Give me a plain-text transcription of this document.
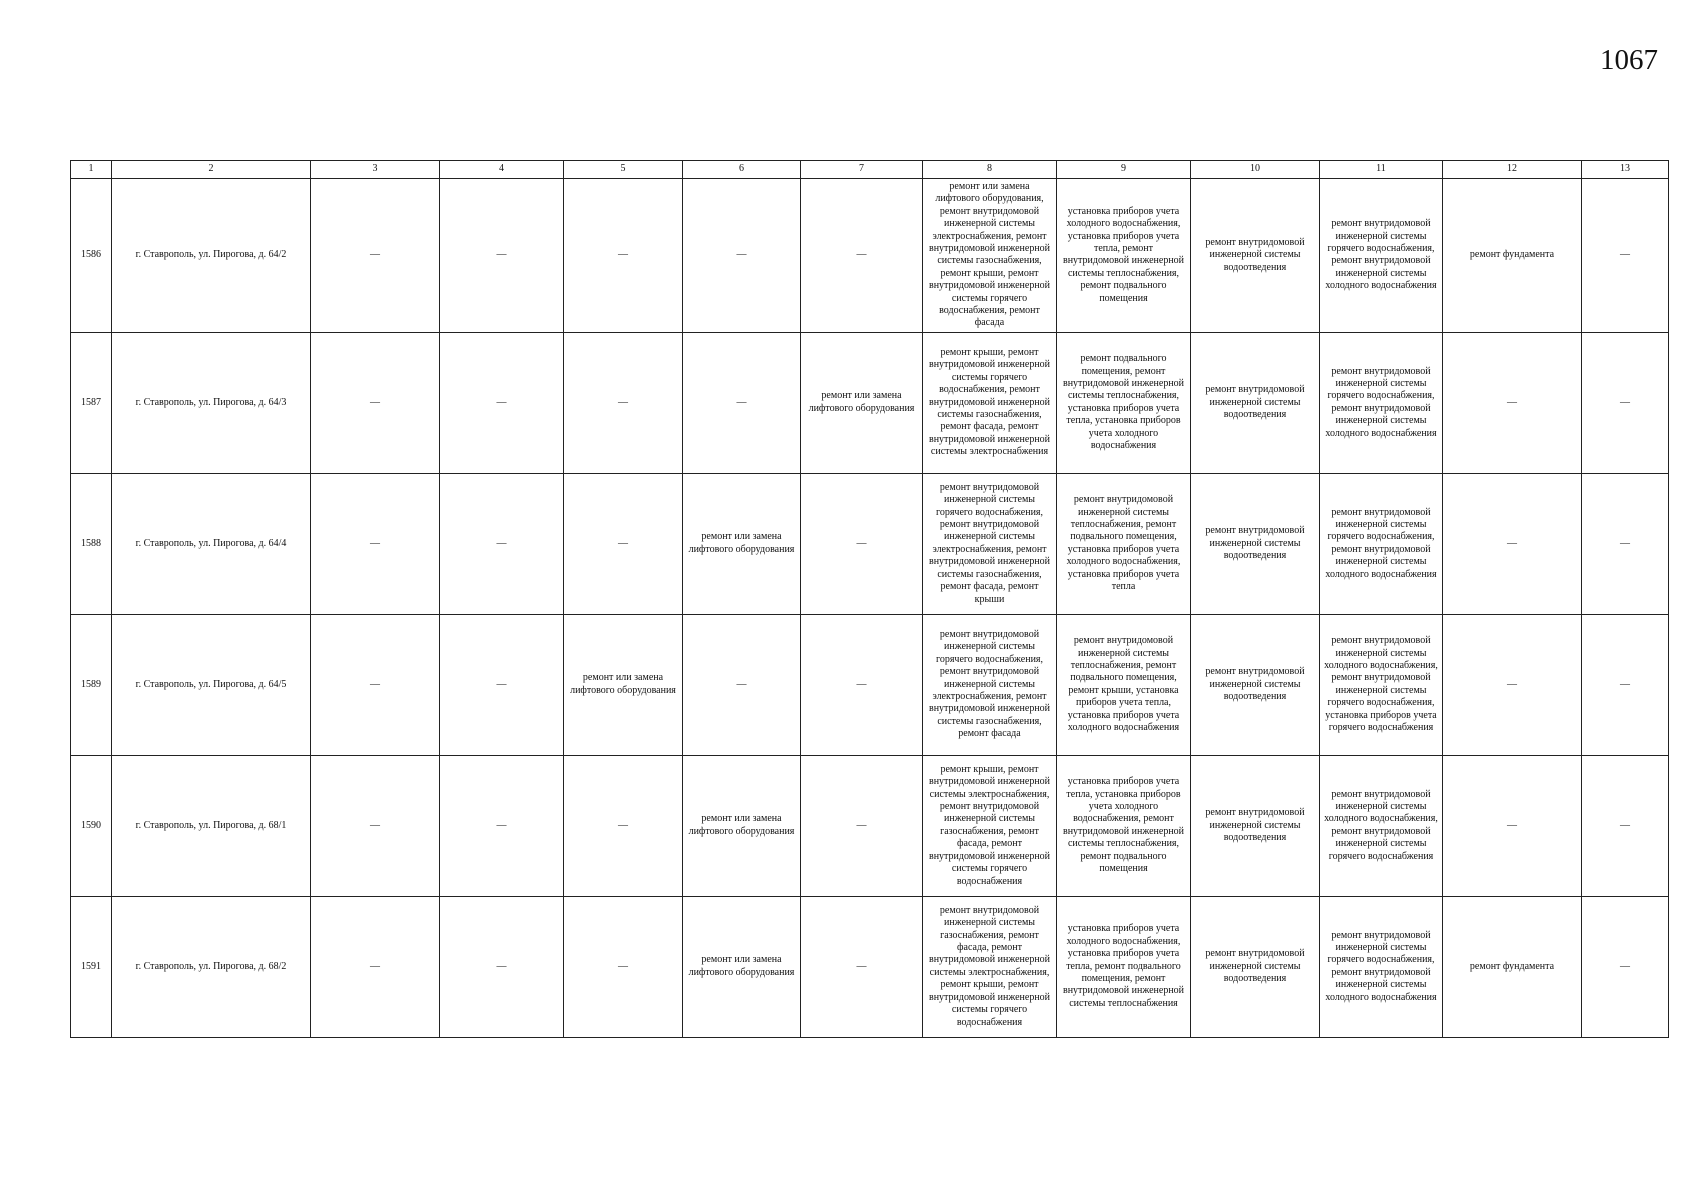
1067
1	2	3	4	5	6	7	8	9	10	11	12	13

1586	г. Ставрополь, ул. Пирогова, д. 64/2	—	—	—	—	—	ремонт или замена лифтового оборудования, ремонт внутридомовой инженерной системы электроснабжения, ремонт внутридомовой инженерной системы газоснабжения, ремонт крыши, ремонт внутридомовой инженерной системы горячего водоснабжения, ремонт фасада	установка приборов учета холодного водоснабжения, установка приборов учета тепла, ремонт внутридомовой инженерной системы теплоснабжения, ремонт подвального помещения	ремонт внутридомовой инженерной системы водоотведения	ремонт внутридомовой инженерной системы горячего водоснабжения, ремонт внутридомовой инженерной системы холодного водоснабжения	ремонт фундамента	—

1587	г. Ставрополь, ул. Пирогова, д. 64/3	—	—	—	—	ремонт или замена лифтового оборудования	ремонт крыши, ремонт внутридомовой инженерной системы горячего водоснабжения, ремонт внутридомовой инженерной системы газоснабжения, ремонт фасада, ремонт внутридомовой инженерной системы электроснабжения	ремонт подвального помещения, ремонт внутридомовой инженерной системы теплоснабжения, установка приборов учета тепла, установка приборов учета холодного водоснабжения	ремонт внутридомовой инженерной системы водоотведения	ремонт внутридомовой инженерной системы горячего водоснабжения, ремонт внутридомовой инженерной системы холодного водоснабжения	—	—

1588	г. Ставрополь, ул. Пирогова, д. 64/4	—	—	—	ремонт или замена лифтового оборудования	—	ремонт внутридомовой инженерной системы горячего водоснабжения, ремонт внутридомовой инженерной системы электроснабжения, ремонт внутридомовой инженерной системы газоснабжения, ремонт фасада, ремонт крыши	ремонт внутридомовой инженерной системы теплоснабжения, ремонт подвального помещения, установка приборов учета холодного водоснабжения, установка приборов учета тепла	ремонт внутридомовой инженерной системы водоотведения	ремонт внутридомовой инженерной системы горячего водоснабжения, ремонт внутридомовой инженерной системы холодного водоснабжения	—	—

1589	г. Ставрополь, ул. Пирогова, д. 64/5	—	—	ремонт или замена лифтового оборудования	—	—	ремонт внутридомовой инженерной системы горячего водоснабжения, ремонт внутридомовой инженерной системы электроснабжения, ремонт внутридомовой инженерной системы газоснабжения, ремонт фасада	ремонт внутридомовой инженерной системы теплоснабжения, ремонт подвального помещения, ремонт крыши, установка приборов учета тепла, установка приборов учета холодного водоснабжения	ремонт внутридомовой инженерной системы водоотведения	ремонт внутридомовой инженерной системы холодного водоснабжения, ремонт внутридомовой инженерной системы горячего водоснабжения, установка приборов учета горячего водоснабжения	—	—

1590	г. Ставрополь, ул. Пирогова, д. 68/1	—	—	—	ремонт или замена лифтового оборудования	—	ремонт крыши, ремонт внутридомовой инженерной системы электроснабжения, ремонт внутридомовой инженерной системы газоснабжения, ремонт фасада, ремонт внутридомовой инженерной системы горячего водоснабжения	установка приборов учета тепла, установка приборов учета холодного водоснабжения, ремонт внутридомовой инженерной системы теплоснабжения, ремонт подвального помещения	ремонт внутридомовой инженерной системы водоотведения	ремонт внутридомовой инженерной системы холодного водоснабжения, ремонт внутридомовой инженерной системы горячего водоснабжения	—	—

1591	г. Ставрополь, ул. Пирогова, д. 68/2	—	—	—	ремонт или замена лифтового оборудования	—	ремонт внутридомовой инженерной системы газоснабжения, ремонт фасада, ремонт внутридомовой инженерной системы электроснабжения, ремонт крыши, ремонт внутридомовой инженерной системы горячего водоснабжения	установка приборов учета холодного водоснабжения, установка приборов учета тепла, ремонт подвального помещения, ремонт внутридомовой инженерной системы теплоснабжения	ремонт внутридомовой инженерной системы водоотведения	ремонт внутридомовой инженерной системы горячего водоснабжения, ремонт внутридомовой инженерной системы холодного водоснабжения	ремонт фундамента	—
